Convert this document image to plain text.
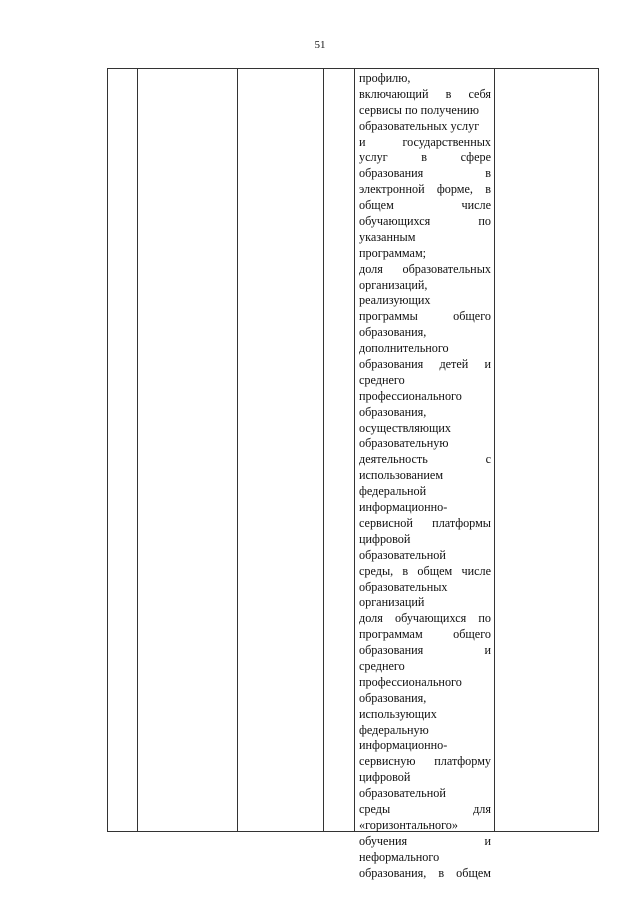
51
профилю,
включающий в себя
сервисы по получению
образовательных услуг
и	государственных
услуг	в	сфере
образования	в
электронной форме, в
общем	числе
обучающихся	по
указанным
программам;
доля образовательных
организаций,
реализующих
программы	общего
образования,
дополнительного
образования детей и
среднего
профессионального
образования,
осуществляющих
образовательную
деятельность	с
использованием
федеральной
информационно-
сервисной платформы
цифровой
образовательной
среды, в общем числе
образовательных
организаций
доля обучающихся по
программам общего
образования	и
среднего
профессионального
образования,
использующих
федеральную
информационно-
сервисную платформу
цифровой
образовательной
среды	для
«горизонтального»
обучения	и
неформального
образования, в общем
